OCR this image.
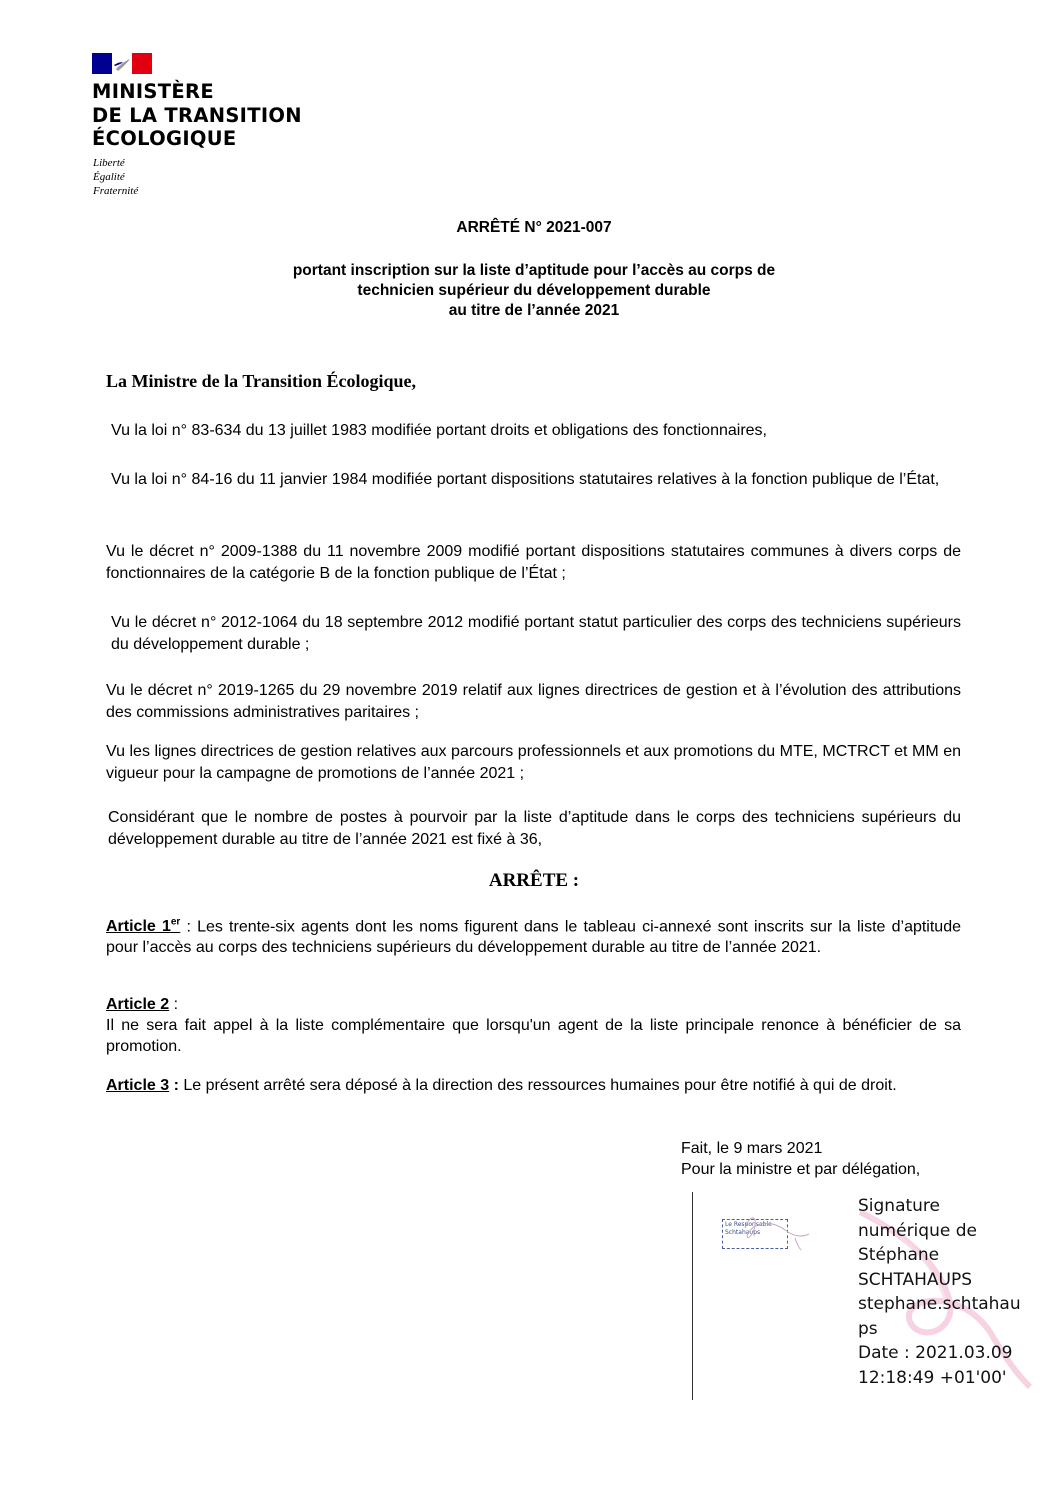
MINISTÈRE
DE LA TRANSITION
ÉCOLOGIQUE
Liberté
Égalité
Fraternité
ARRÊTÉ N° 2021-007
portant inscription sur la liste d’aptitude pour l’accès au corps de
technicien supérieur du développement durable
au titre de l’année 2021
La Ministre de la Transition Écologique,
Vu la loi n° 83-634 du 13 juillet 1983 modifiée portant droits et obligations des fonctionnaires,
Vu la loi n° 84-16 du 11 janvier 1984 modifiée portant dispositions statutaires relatives à la fonction publique de l’État,
Vu le décret n° 2009-1388 du 11 novembre 2009 modifié portant dispositions statutaires communes à divers corps de fonctionnaires de la catégorie B de la fonction publique de l’État ;
Vu le décret n° 2012-1064 du 18 septembre 2012 modifié portant statut particulier des corps des techniciens supérieurs du développement durable ;
Vu le décret n° 2019-1265 du 29 novembre 2019 relatif aux lignes directrices de gestion et à l’évolution des attributions des commissions administratives paritaires ;
Vu les lignes directrices de gestion relatives aux parcours professionnels et aux promotions du MTE, MCTRCT et MM en vigueur pour la campagne de promotions de l’année 2021 ;
Considérant que le nombre de postes à pourvoir par la liste d’aptitude dans le corps des techniciens supérieurs du développement durable au titre de l’année 2021 est fixé à 36,
ARRÊTE :
Article 1er : Les trente-six agents dont les noms figurent dans le tableau ci-annexé sont inscrits sur la liste d’aptitude pour l’accès au corps des techniciens supérieurs du développement durable au titre de l’année 2021.
Article 2 :
Il ne sera fait appel à la liste complémentaire que lorsqu'un agent de la liste principale renonce à bénéficier de sa promotion.
Article 3 : Le présent arrêté sera déposé à la direction des ressources humaines pour être notifié à qui de droit.
Fait, le 9 mars 2021
Pour la ministre et par délégation,
Le Responsable
Schtahaups
Signature
numérique de
Stéphane
SCHTAHAUPS
stephane.schtahau
ps
Date : 2021.03.09
12:18:49 +01'00'
